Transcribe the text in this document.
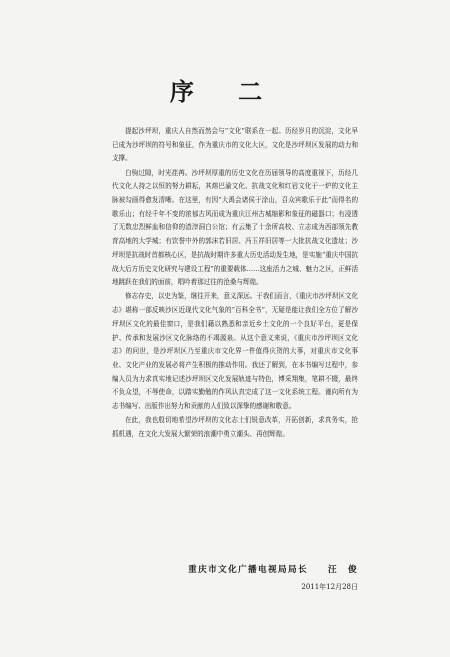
序 二

提起沙坪坝，重庆人自然而然会与“文化”联系在一起。历经岁月的沉淀，文化早已成为沙坪坝的符号和象征，作为重庆市的文化大区，文化是沙坪坝区发展的动力和支撑。

白驹过隙，时光荏苒。沙坪坝厚重的历史文化在历届领导的高度重视下，历经几代文化人持之以恒的努力耕耘，其熔巴渝文化、抗战文化和红岩文化于一炉的文化主脉被勾画得愈发清晰。在这里，有因“大禹会诸侯于涂山，召众宾歌乐于此”而得名的歌乐山；有经千年不变的浓郁古风而成为重庆江州古城缩影和象征的磁器口；有浸透了无数忠烈鲜血和信仰的渣滓洞白公馆；有云集了十余所高校、立志成为西部领先教育高地的大学城；有饮誉中外的郭沫若旧居、冯玉祥旧居等一大批抗战文化遗址；沙坪坝是抗战时首都核心区，是抗战时期许多重大历史活动发生地，是实施“重庆中国抗战大后方历史文化研究与建设工程”的重要载体……这座活力之城、魅力之区，正鲜活地跳跃在我们的面前，唱吟着那过往的沧桑与辉煌。

修志存史，以史为鉴，继往开来，意义深远。于我们而言，《重庆市沙坪坝区文化志》堪称一部反映沙区近现代文化气象的“百科全书”，无疑是能让我们全方位了解沙坪坝区文化的最佳窗口，是我们藉以熟悉和亲近乡土文化的一个良好平台，更是保护、传承和发展沙区文化脉络的不竭源泉。从这个意义来说，《重庆市沙坪坝区文化志》的问世，是沙坪坝区乃至重庆市文化界一件值得庆贺的大事，对重庆市文化事业、文化产业的发展必将产生积极的推动作用。我还了解到，在本书编写过程中，参编人员为力求真实地记述沙坪坝区文化发展轨迹与特色，博采翔集，笔耕不辍，最终不负众望，不辱使命，以踏实勤勉的作风认真完成了这一文化系统工程。谨向所有为志书编写、出版作出努力和贡献的人们致以深挚的感谢和敬意。

在此，我也殷切地希望沙坪坝的文化志士们锐意改革，开拓创新，求真务实，抢抓机遇，在文化大发展大繁荣的浪潮中勇立潮头、再创辉煌。

重庆市文化广播电视局局长　　汪　俊
2011年12月28日
